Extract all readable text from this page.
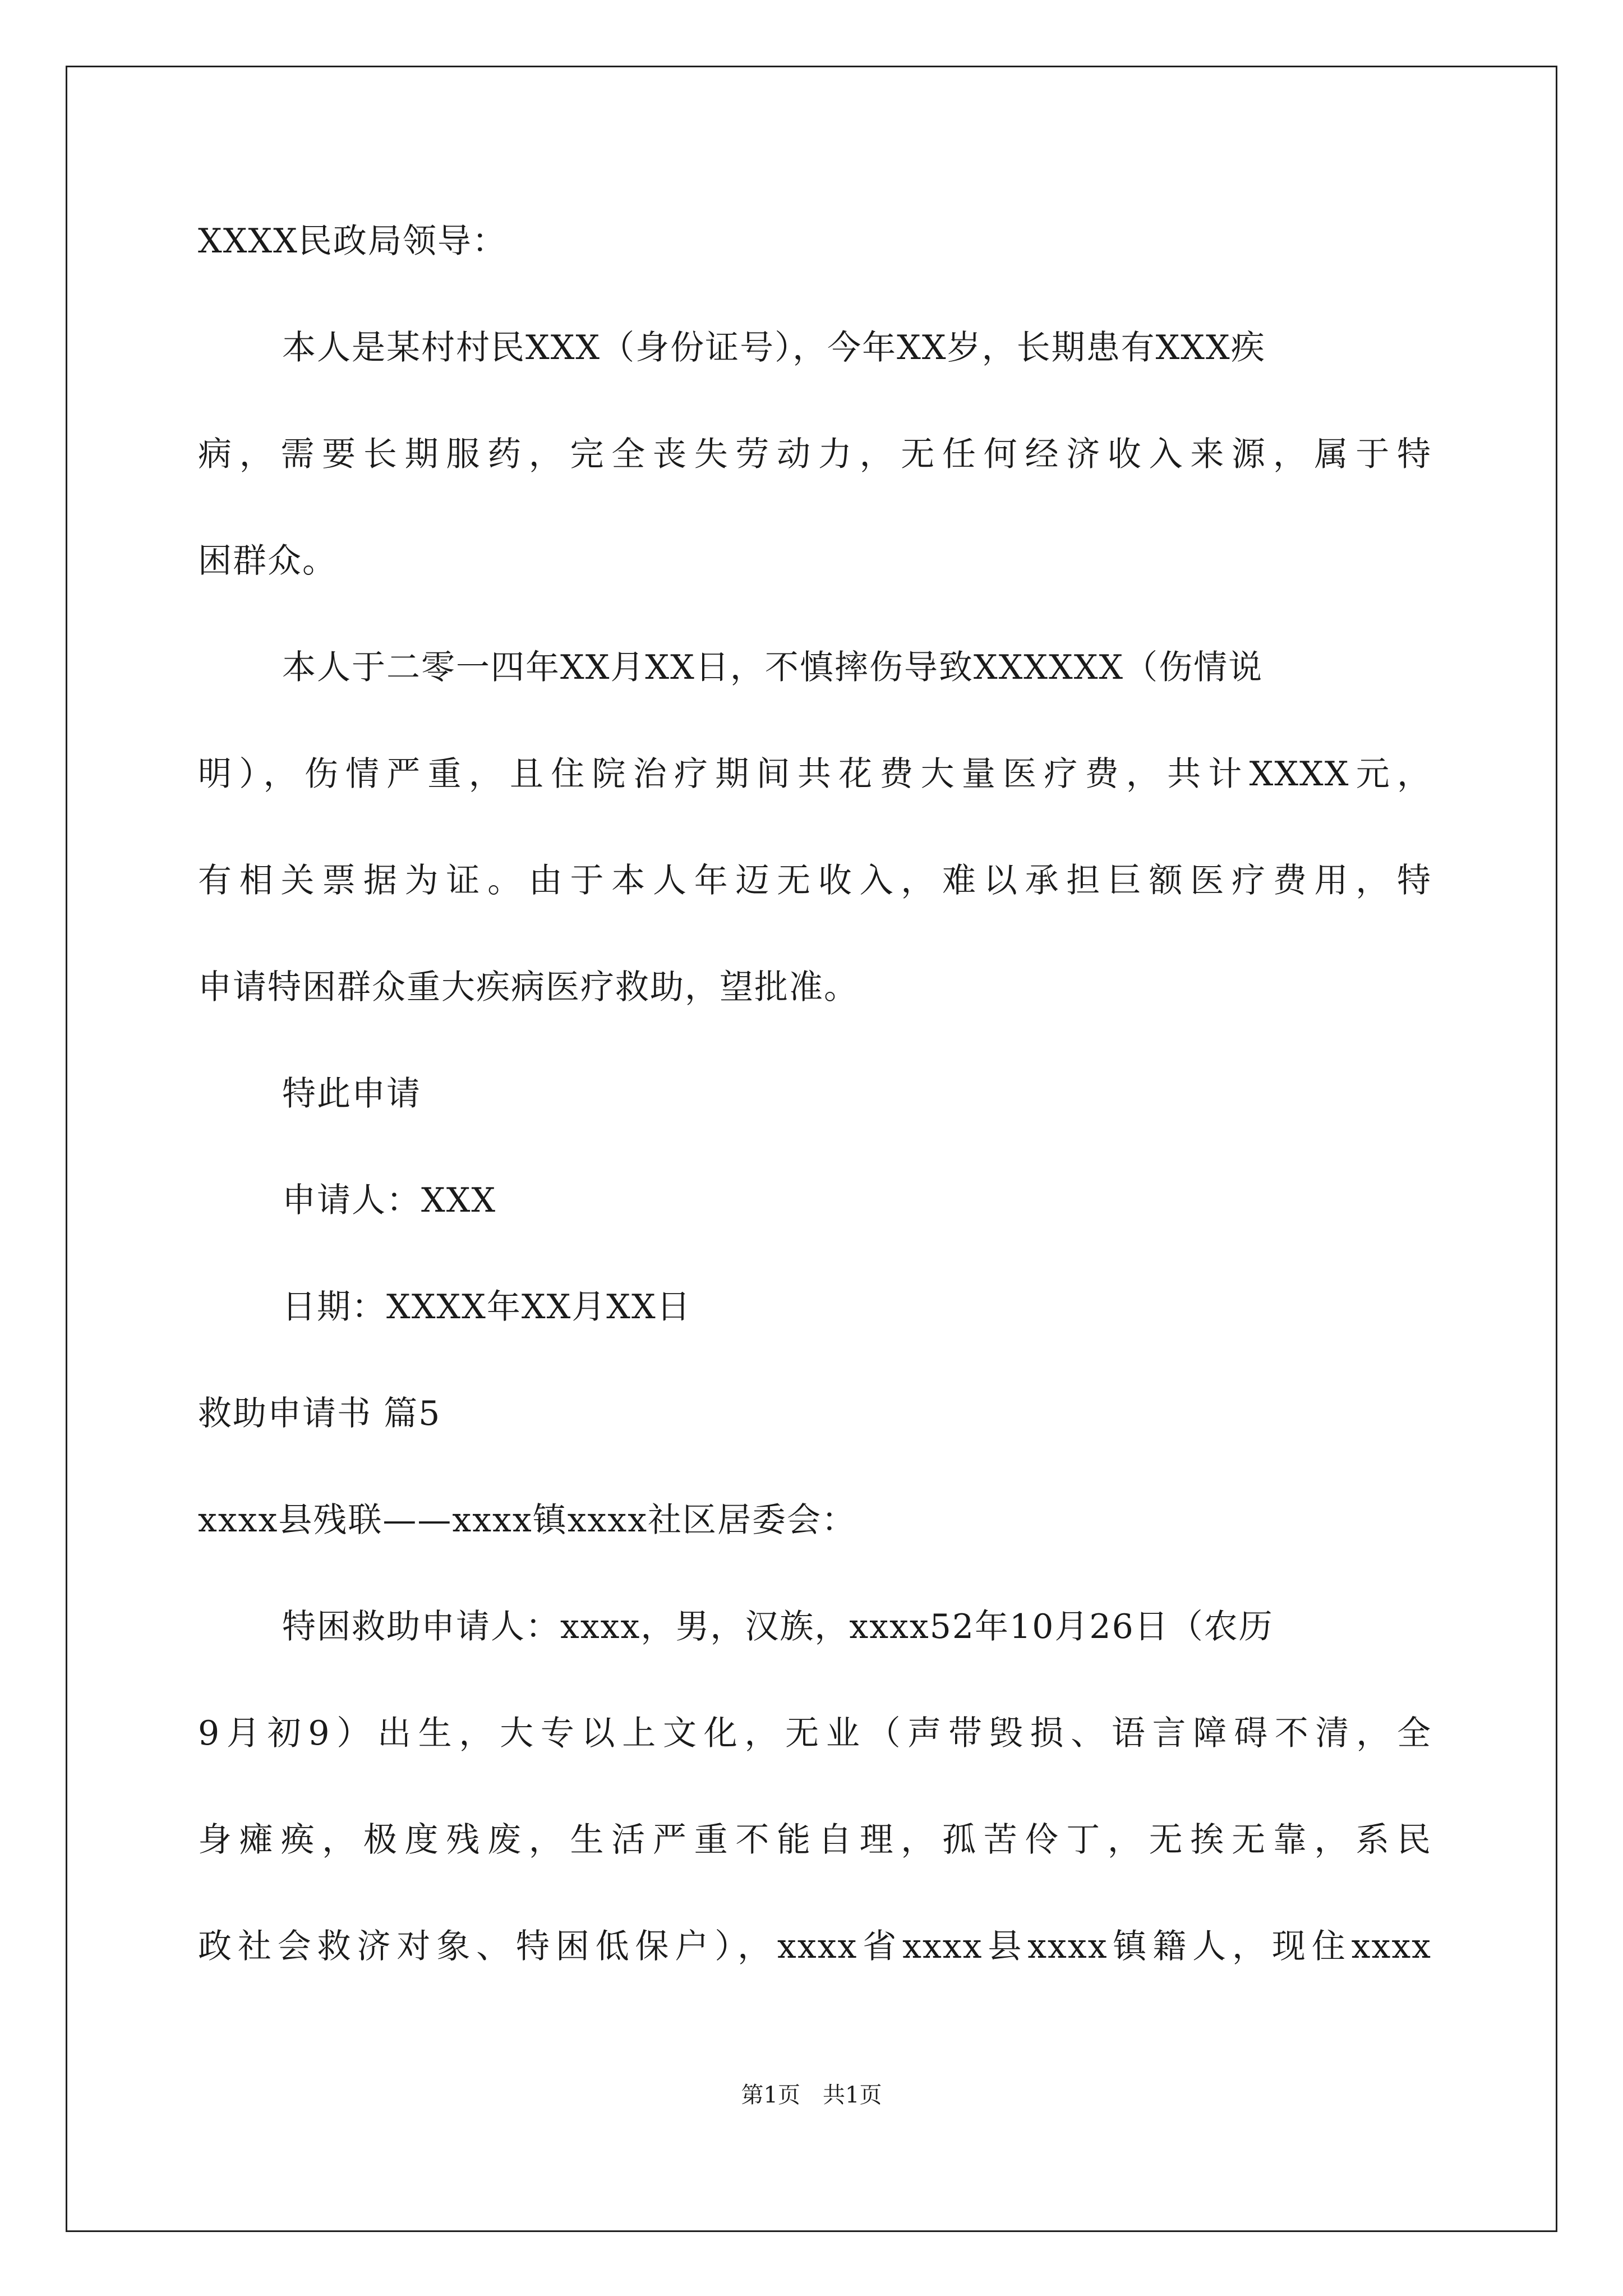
XXXX民政局领导：
本人是某村村民XXX（身份证号），今年XX岁，长期患有XXX疾
病，需要长期服药，完全丧失劳动力，无任何经济收入来源，属于特
困群众。
本人于二零一四年XX月XX日，不慎摔伤导致XXXXXX（伤情说
明），伤情严重，且住院治疗期间共花费大量医疗费，共计XXXX元，
有相关票据为证。由于本人年迈无收入，难以承担巨额医疗费用，特
申请特困群众重大疾病医疗救助，望批准。
特此申请
申请人：XXX
日期：XXXX年XX月XX日
救助申请书 篇5
xxxx县残联——xxxx镇xxxx社区居委会：
特困救助申请人：xxxx，男，汉族，xxxx52年10月26日（农历
9月初9）出生，大专以上文化，无业（声带毁损、语言障碍不清，全
身瘫痪，极度残废，生活严重不能自理，孤苦伶丁，无挨无靠，系民
政社会救济对象、特困低保户），xxxx省xxxx县xxxx镇籍人，现住xxxx
第1页　共1页
